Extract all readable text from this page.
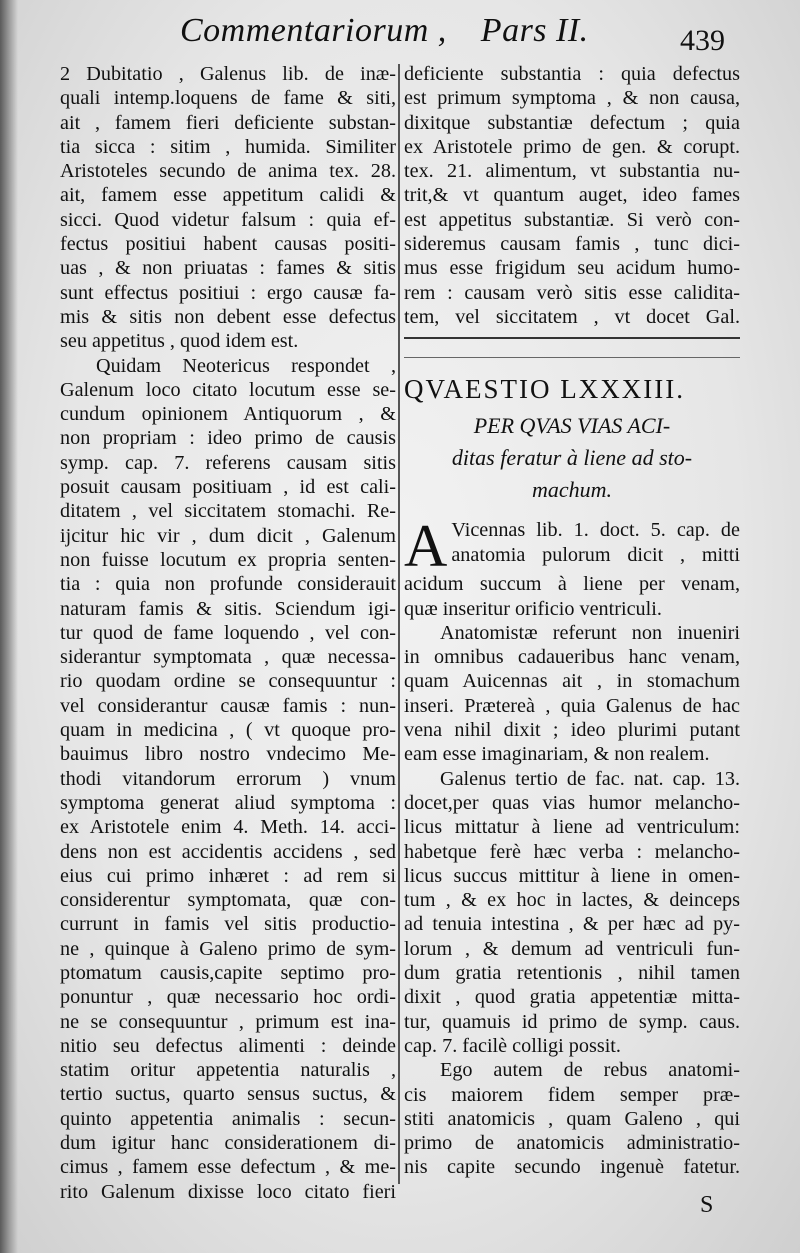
Commentariorum , Pars II.	439
2 Dubitatio , Galenus lib. de inæ-
quali intemp.loquens de fame & siti,
ait , famem fieri deficiente substan-
tia sicca : sitim , humida. Similiter
Aristoteles secundo de anima tex. 28.
ait, famem esse appetitum calidi &
sicci. Quod videtur falsum : quia ef-
fectus positiui habent causas positi-
uas , & non priuatas : fames & sitis
sunt effectus positiui : ergo causæ fa-
mis & sitis non debent esse defectus
seu appetitus , quod idem est.
Quidam Neotericus respondet ,
Galenum loco citato locutum esse se-
cundum opinionem Antiquorum , &
non propriam : ideo primo de causis
symp. cap. 7. referens causam sitis
posuit causam positiuam , id est cali-
ditatem , vel siccitatem stomachi. Re-
ijcitur hic vir , dum dicit , Galenum
non fuisse locutum ex propria senten-
tia : quia non profunde considerauit
naturam famis & sitis. Sciendum igi-
tur quod de fame loquendo , vel con-
siderantur symptomata , quæ necessa-
rio quodam ordine se consequuntur :
vel considerantur causæ famis : nun-
quam in medicina , ( vt quoque pro-
bauimus libro nostro vndecimo Me-
thodi vitandorum errorum ) vnum
symptoma generat aliud symptoma :
ex Aristotele enim 4. Meth. 14. acci-
dens non est accidentis accidens , sed
eius cui primo inhæret : ad rem si
considerentur symptomata, quæ con-
currunt in famis vel sitis productio-
ne , quinque à Galeno primo de sym-
ptomatum causis,capite septimo pro-
ponuntur , quæ necessario hoc ordi-
ne se consequuntur , primum est ina-
nitio seu defectus alimenti : deinde
statim oritur appetentia naturalis ,
tertio suctus, quarto sensus suctus, &
quinto appetentia animalis : secun-
dum igitur hanc considerationem di-
cimus , famem esse defectum , & me-
rito Galenum dixisse loco citato fieri
deficiente substantia : quia defectus
est primum symptoma , & non causa,
dixitque substantiæ defectum ; quia
ex Aristotele primo de gen. & corupt.
tex. 21. alimentum, vt substantia nu-
trit,& vt quantum auget, ideo fames
est appetitus substantiæ. Si verò con-
sideremus causam famis , tunc dici-
mus esse frigidum seu acidum humo-
rem : causam verò sitis esse calidita-
tem, vel siccitatem , vt docet Gal.
QVAESTIO LXXXIII.
PER QVAS VIAS ACI-
ditas feratur à liene ad sto-
machum.
A Vicennas lib. 1. doct. 5. cap. de
anatomia pulorum dicit , mitti
acidum succum à liene per venam,
quæ inseritur orificio ventriculi.
Anatomistæ referunt non inueniri
in omnibus cadaueribus hanc venam,
quam Auicennas ait , in stomachum
inseri. Prætereà , quia Galenus de hac
vena nihil dixit ; ideo plurimi putant
eam esse imaginariam, & non realem.
Galenus tertio de fac. nat. cap. 13.
docet,per quas vias humor melancho-
licus mittatur à liene ad ventriculum:
habetque ferè hæc verba : melancho-
licus succus mittitur à liene in omen-
tum , & ex hoc in lactes, & deinceps
ad tenuia intestina , & per hæc ad py-
lorum , & demum ad ventriculi fun-
dum gratia retentionis , nihil tamen
dixit , quod gratia appetentiæ mitta-
tur, quamuis id primo de symp. caus.
cap. 7. facilè colligi possit.
Ego autem de rebus anatomi-
cis maiorem fidem semper præ-
stiti anatomicis , quam Galeno , qui
primo de anatomicis administratio-
nis capite secundo ingenuè fatetur.
S
